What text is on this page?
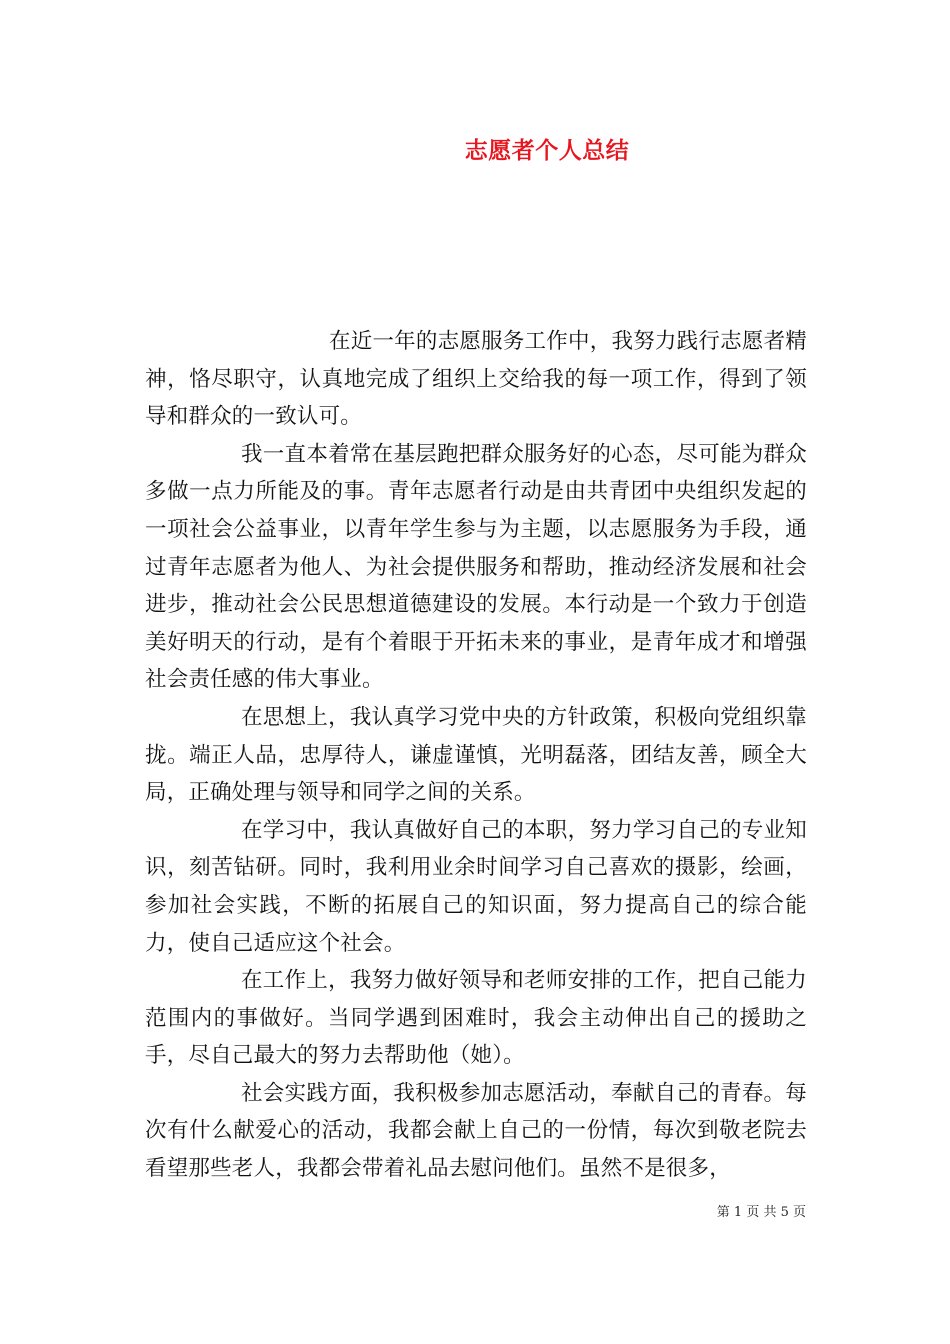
志愿者个人总结

在近一年的志愿服务工作中，我努力践行志愿者精神，恪尽职守，认真地完成了组织上交给我的每一项工作，得到了领导和群众的一致认可。

我一直本着常在基层跑把群众服务好的心态，尽可能为群众多做一点力所能及的事。青年志愿者行动是由共青团中央组织发起的一项社会公益事业，以青年学生参与为主题，以志愿服务为手段，通过青年志愿者为他人、为社会提供服务和帮助，推动经济发展和社会进步，推动社会公民思想道德建设的发展。本行动是一个致力于创造美好明天的行动，是有个着眼于开拓未来的事业，是青年成才和增强社会责任感的伟大事业。

在思想上，我认真学习党中央的方针政策，积极向党组织靠拢。端正人品，忠厚待人，谦虚谨慎，光明磊落，团结友善，顾全大局，正确处理与领导和同学之间的关系。

在学习中，我认真做好自己的本职，努力学习自己的专业知识，刻苦钻研。同时，我利用业余时间学习自己喜欢的摄影，绘画，参加社会实践，不断的拓展自己的知识面，努力提高自己的综合能力，使自己适应这个社会。

在工作上，我努力做好领导和老师安排的工作，把自己能力范围内的事做好。当同学遇到困难时，我会主动伸出自己的援助之手，尽自己最大的努力去帮助他（她）。

社会实践方面，我积极参加志愿活动，奉献自己的青春。每次有什么献爱心的活动，我都会献上自己的一份情，每次到敬老院去看望那些老人，我都会带着礼品去慰问他们。虽然不是很多，

第 1 页 共 5 页
